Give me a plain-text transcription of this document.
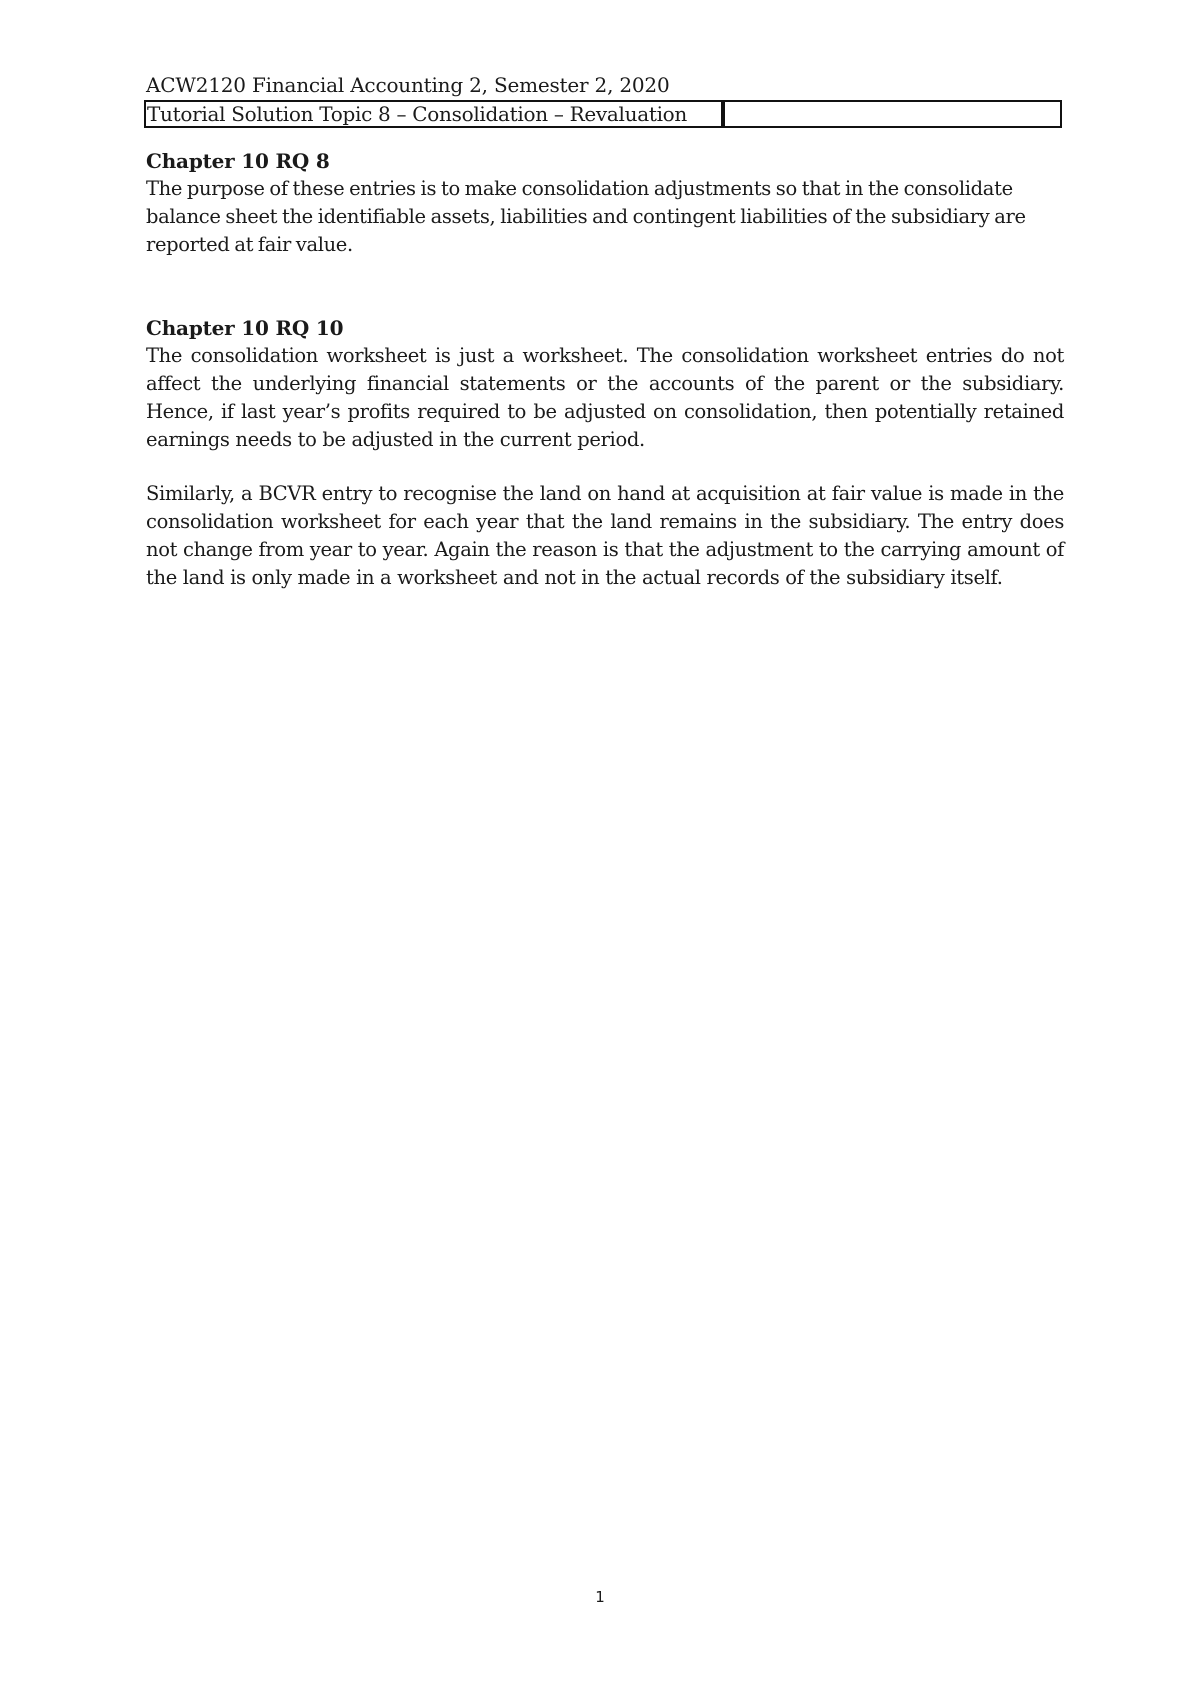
ACW2120 Financial Accounting 2, Semester 2, 2020
Tutorial Solution Topic 8 – Consolidation – Revaluation
Chapter 10 RQ 8

The purpose of these entries is to make consolidation adjustments so that in the consolidate balance sheet the identifiable assets, liabilities and contingent liabilities of the subsidiary are reported at fair value.

Chapter 10 RQ 10

The consolidation worksheet is just a worksheet. The consolidation worksheet entries do not affect the underlying financial statements or the accounts of the parent or the subsidiary. Hence, if last year’s profits required to be adjusted on consolidation, then potentially retained earnings needs to be adjusted in the current period.

Similarly, a BCVR entry to recognise the land on hand at acquisition at fair value is made in the consolidation worksheet for each year that the land remains in the subsidiary. The entry does not change from year to year. Again the reason is that the adjustment to the carrying amount of the land is only made in a worksheet and not in the actual records of the subsidiary itself.

1
